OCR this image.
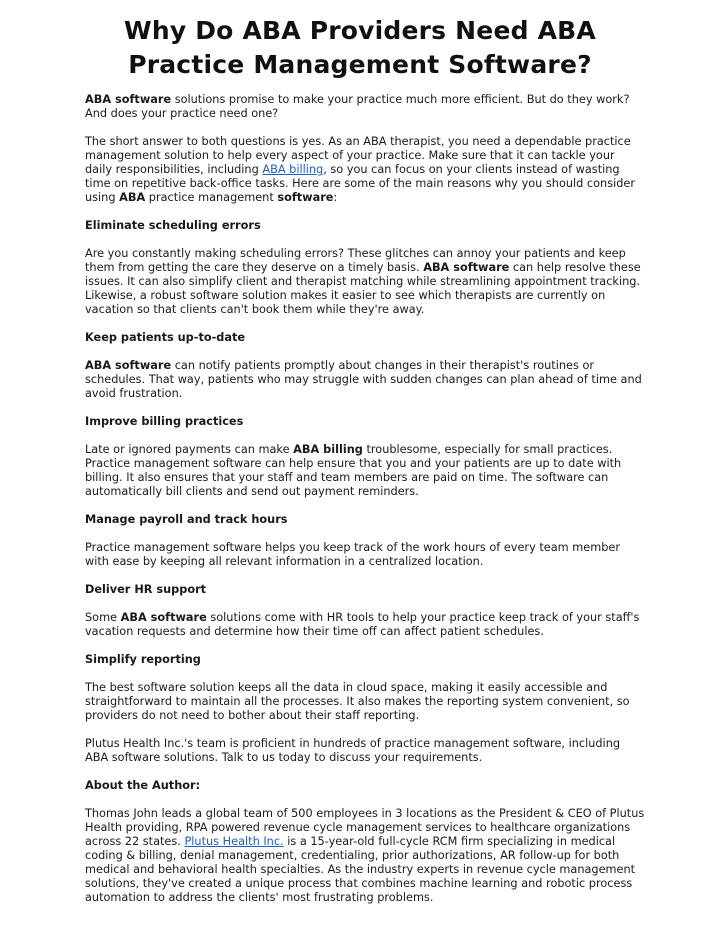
Why Do ABA Providers Need ABA
Practice Management Software?

ABA software solutions promise to make your practice much more efficient. But do they work? And does your practice need one?

The short answer to both questions is yes. As an ABA therapist, you need a dependable practice management solution to help every aspect of your practice. Make sure that it can tackle your daily responsibilities, including ABA billing, so you can focus on your clients instead of wasting time on repetitive back-office tasks. Here are some of the main reasons why you should consider using ABA practice management software:

Eliminate scheduling errors

Are you constantly making scheduling errors? These glitches can annoy your patients and keep them from getting the care they deserve on a timely basis. ABA software can help resolve these issues. It can also simplify client and therapist matching while streamlining appointment tracking. Likewise, a robust software solution makes it easier to see which therapists are currently on vacation so that clients can't book them while they're away.

Keep patients up-to-date

ABA software can notify patients promptly about changes in their therapist's routines or schedules. That way, patients who may struggle with sudden changes can plan ahead of time and avoid frustration.

Improve billing practices

Late or ignored payments can make ABA billing troublesome, especially for small practices. Practice management software can help ensure that you and your patients are up to date with billing. It also ensures that your staff and team members are paid on time. The software can automatically bill clients and send out payment reminders.

Manage payroll and track hours

Practice management software helps you keep track of the work hours of every team member with ease by keeping all relevant information in a centralized location.

Deliver HR support

Some ABA software solutions come with HR tools to help your practice keep track of your staff's vacation requests and determine how their time off can affect patient schedules.

Simplify reporting

The best software solution keeps all the data in cloud space, making it easily accessible and straightforward to maintain all the processes. It also makes the reporting system convenient, so providers do not need to bother about their staff reporting.

Plutus Health Inc.'s team is proficient in hundreds of practice management software, including ABA software solutions. Talk to us today to discuss your requirements.

About the Author:

Thomas John leads a global team of 500 employees in 3 locations as the President & CEO of Plutus Health providing, RPA powered revenue cycle management services to healthcare organizations across 22 states. Plutus Health Inc. is a 15-year-old full-cycle RCM firm specializing in medical coding & billing, denial management, credentialing, prior authorizations, AR follow-up for both medical and behavioral health specialties. As the industry experts in revenue cycle management solutions, they've created a unique process that combines machine learning and robotic process automation to address the clients' most frustrating problems.
